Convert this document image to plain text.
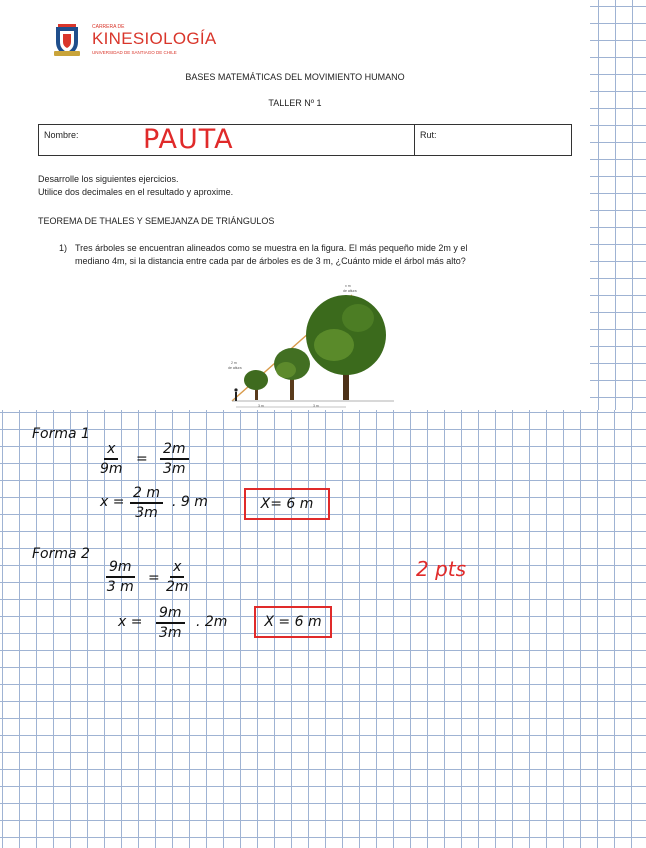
CARRERA DE
KINESIOLOGÍA
UNIVERSIDAD DE SANTIAGO DE CHILE
BASES MATEMÁTICAS DEL MOVIMIENTO HUMANO
TALLER Nº 1
Nombre: PAUTA	Rut:
Desarrolle los siguientes ejercicios.
Utilice dos decimales en el resultado y aproxime.
TEOREMA DE THALES Y SEMEJANZA DE TRIÁNGULOS
1) Tres árboles se encuentran alineados como se muestra en la figura. El más pequeño mide 2m y el
mediano 4m, si la distancia entre cada par de árboles es de 3 m, ¿Cuánto mide el árbol más alto?
x m
de altura
2 m
de altura
3 m	3 m
Forma 1
$\frac{x}{9m} = \frac{2m}{3m}$
$x = \frac{2 m}{3m}$ . 9 m	X= 6 m
Forma 2
$\frac{9m}{3 m} = \frac{x}{2m}$
$x = \frac{9m}{3m}$ . 2m	X = 6 m
2 pts
